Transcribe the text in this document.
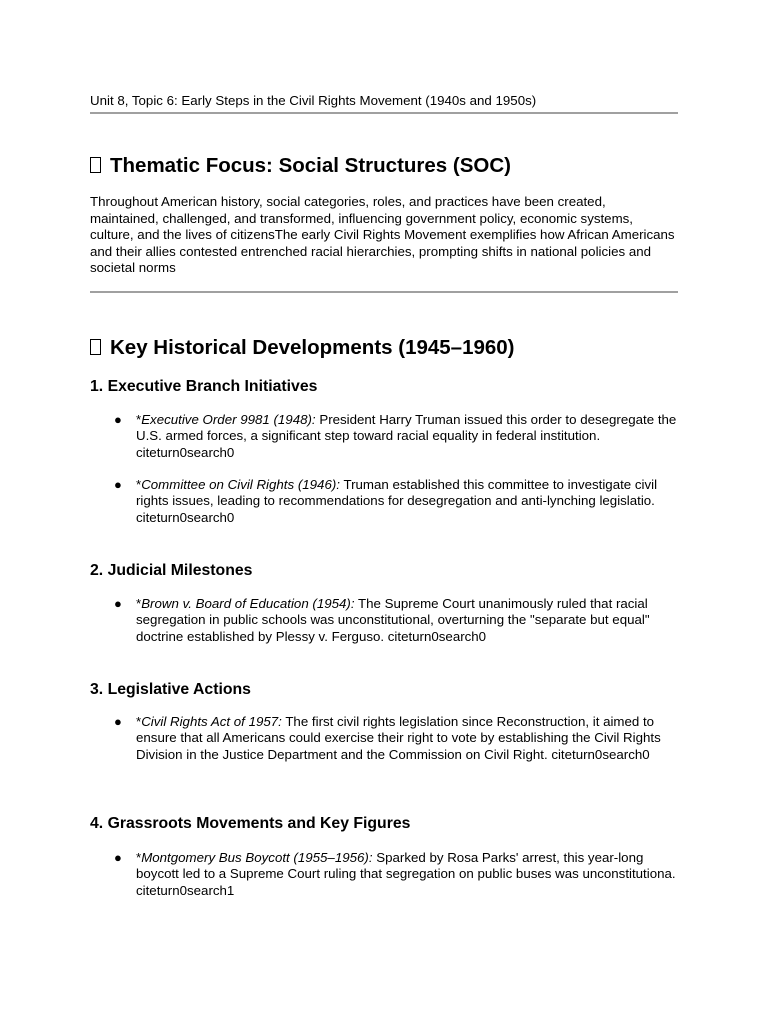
Unit 8, Topic 6: Early Steps in the Civil Rights Movement (1940s and 1950s)
Thematic Focus: Social Structures (SOC)

Throughout American history, social categories, roles, and practices have been created, maintained, challenged, and transformed, influencing government policy, economic systems, culture, and the lives of citizensThe early Civil Rights Movement exemplifies how African Americans and their allies contested entrenched racial hierarchies, prompting shifts in national policies and societal norms

Key Historical Developments (1945–1960)
1. Executive Branch Initiatives
● *Executive Order 9981 (1948): President Harry Truman issued this order to desegregate the U.S. armed forces, a significant step toward racial equality in federal institution. citeturn0search0
● *Committee on Civil Rights (1946): Truman established this committee to investigate civil rights issues, leading to recommendations for desegregation and anti-lynching legislatio. citeturn0search0
2. Judicial Milestones
● *Brown v. Board of Education (1954): The Supreme Court unanimously ruled that racial segregation in public schools was unconstitutional, overturning the "separate but equal" doctrine established by Plessy v. Ferguso. citeturn0search0
3. Legislative Actions
● *Civil Rights Act of 1957: The first civil rights legislation since Reconstruction, it aimed to ensure that all Americans could exercise their right to vote by establishing the Civil Rights Division in the Justice Department and the Commission on Civil Right. citeturn0search0
4. Grassroots Movements and Key Figures
● *Montgomery Bus Boycott (1955–1956): Sparked by Rosa Parks' arrest, this year-long boycott led to a Supreme Court ruling that segregation on public buses was unconstitutiona. citeturn0search1
